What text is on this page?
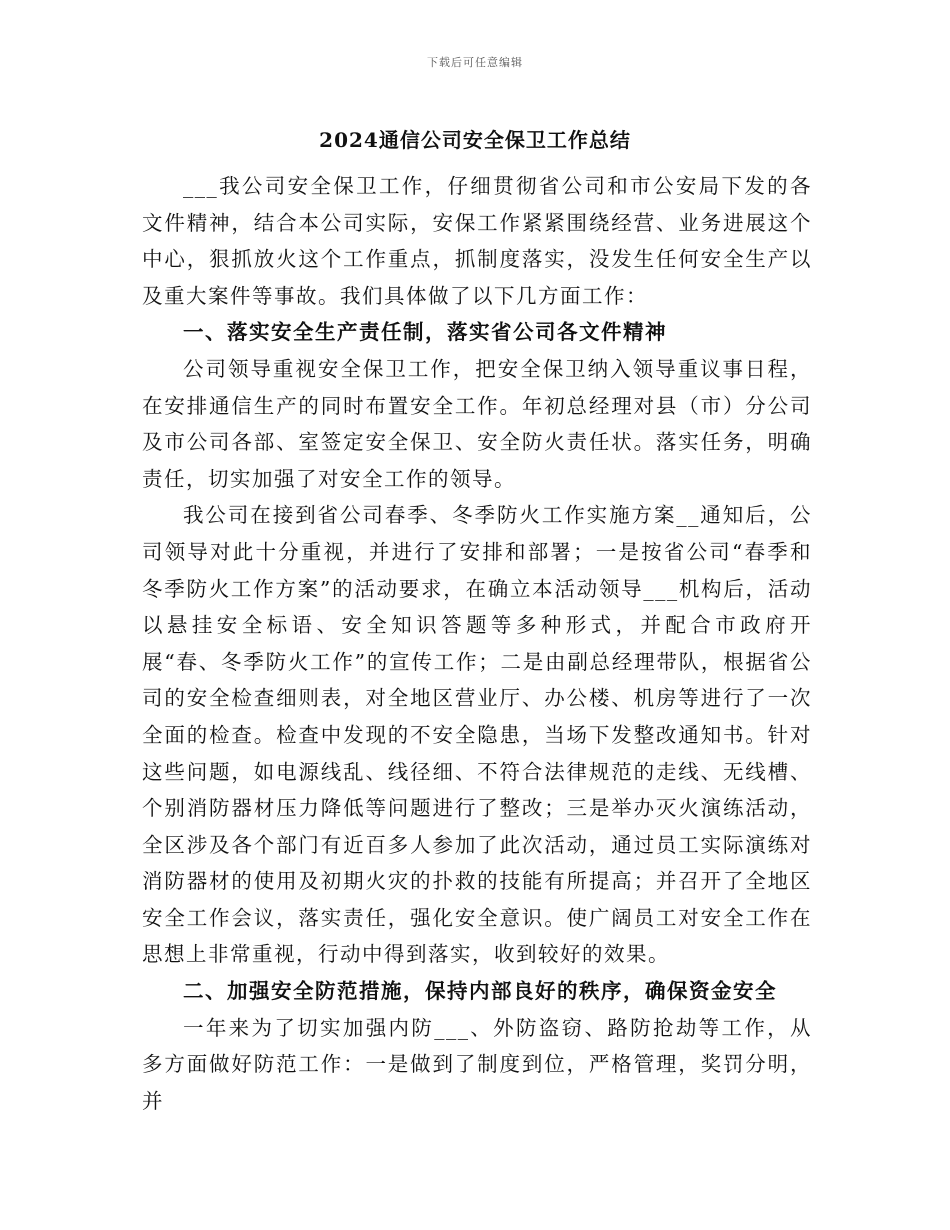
下载后可任意编辑
2024通信公司安全保卫工作总结

___我公司安全保卫工作，仔细贯彻省公司和市公安局下发的各文件精神，结合本公司实际，安保工作紧紧围绕经营、业务进展这个中心，狠抓放火这个工作重点，抓制度落实，没发生任何安全生产以及重大案件等事故。我们具体做了以下几方面工作：

一、落实安全生产责任制，落实省公司各文件精神

公司领导重视安全保卫工作，把安全保卫纳入领导重议事日程，在安排通信生产的同时布置安全工作。年初总经理对县（市）分公司及市公司各部、室签定安全保卫、安全防火责任状。落实任务，明确责任，切实加强了对安全工作的领导。

我公司在接到省公司春季、冬季防火工作实施方案__通知后，公司领导对此十分重视，并进行了安排和部署；一是按省公司“春季和冬季防火工作方案”的活动要求，在确立本活动领导___机构后，活动以悬挂安全标语、安全知识答题等多种形式，并配合市政府开展“春、冬季防火工作”的宣传工作；二是由副总经理带队，根据省公司的安全检查细则表，对全地区营业厅、办公楼、机房等进行了一次全面的检查。检查中发现的不安全隐患，当场下发整改通知书。针对这些问题，如电源线乱、线径细、不符合法律规范的走线、无线槽、个别消防器材压力降低等问题进行了整改；三是举办灭火演练活动，全区涉及各个部门有近百多人参加了此次活动，通过员工实际演练对消防器材的使用及初期火灾的扑救的技能有所提高；并召开了全地区安全工作会议，落实责任，强化安全意识。使广阔员工对安全工作在思想上非常重视，行动中得到落实，收到较好的效果。

二、加强安全防范措施，保持内部良好的秩序，确保资金安全

一年来为了切实加强内防___、外防盗窃、路防抢劫等工作，从多方面做好防范工作：一是做到了制度到位，严格管理，奖罚分明，并
